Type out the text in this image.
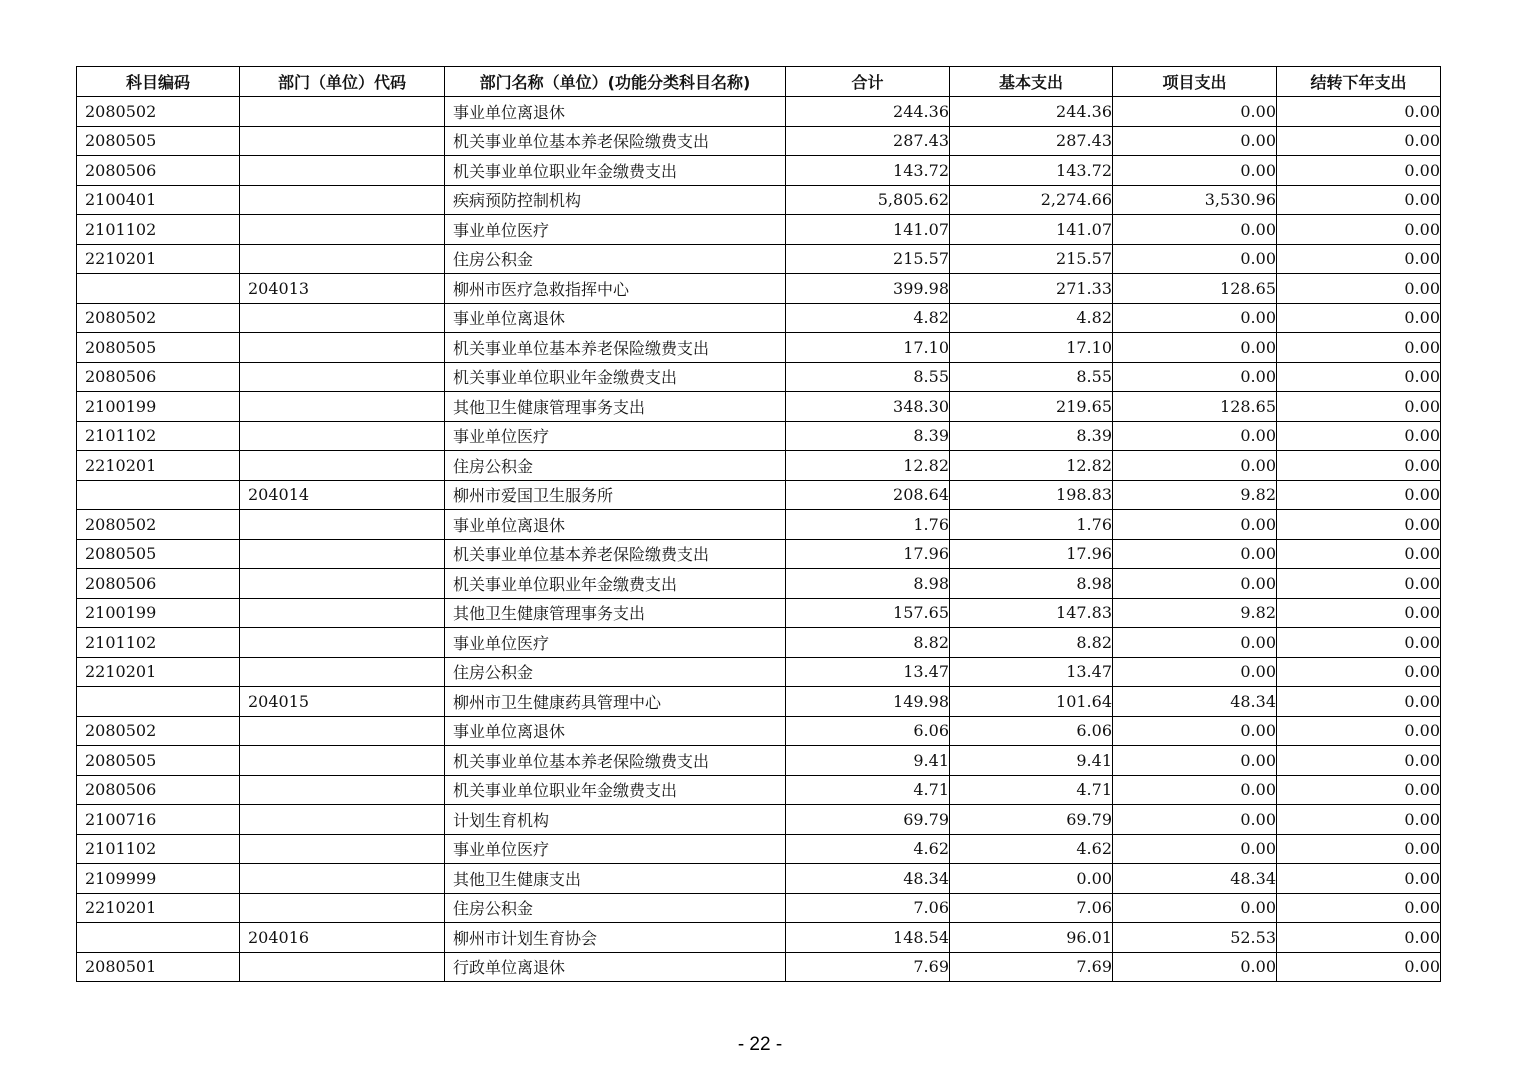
科目编码	部门（单位）代码	部门名称（单位）(功能分类科目名称)	合计	基本支出	项目支出	结转下年支出
2080502		事业单位离退休	244.36	244.36	0.00	0.00
2080505		机关事业单位基本养老保险缴费支出	287.43	287.43	0.00	0.00
2080506		机关事业单位职业年金缴费支出	143.72	143.72	0.00	0.00
2100401		疾病预防控制机构	5,805.62	2,274.66	3,530.96	0.00
2101102		事业单位医疗	141.07	141.07	0.00	0.00
2210201		住房公积金	215.57	215.57	0.00	0.00
	204013	柳州市医疗急救指挥中心	399.98	271.33	128.65	0.00
2080502		事业单位离退休	4.82	4.82	0.00	0.00
2080505		机关事业单位基本养老保险缴费支出	17.10	17.10	0.00	0.00
2080506		机关事业单位职业年金缴费支出	8.55	8.55	0.00	0.00
2100199		其他卫生健康管理事务支出	348.30	219.65	128.65	0.00
2101102		事业单位医疗	8.39	8.39	0.00	0.00
2210201		住房公积金	12.82	12.82	0.00	0.00
	204014	柳州市爱国卫生服务所	208.64	198.83	9.82	0.00
2080502		事业单位离退休	1.76	1.76	0.00	0.00
2080505		机关事业单位基本养老保险缴费支出	17.96	17.96	0.00	0.00
2080506		机关事业单位职业年金缴费支出	8.98	8.98	0.00	0.00
2100199		其他卫生健康管理事务支出	157.65	147.83	9.82	0.00
2101102		事业单位医疗	8.82	8.82	0.00	0.00
2210201		住房公积金	13.47	13.47	0.00	0.00
	204015	柳州市卫生健康药具管理中心	149.98	101.64	48.34	0.00
2080502		事业单位离退休	6.06	6.06	0.00	0.00
2080505		机关事业单位基本养老保险缴费支出	9.41	9.41	0.00	0.00
2080506		机关事业单位职业年金缴费支出	4.71	4.71	0.00	0.00
2100716		计划生育机构	69.79	69.79	0.00	0.00
2101102		事业单位医疗	4.62	4.62	0.00	0.00
2109999		其他卫生健康支出	48.34	0.00	48.34	0.00
2210201		住房公积金	7.06	7.06	0.00	0.00
	204016	柳州市计划生育协会	148.54	96.01	52.53	0.00
2080501		行政单位离退休	7.69	7.69	0.00	0.00
- 22 -
